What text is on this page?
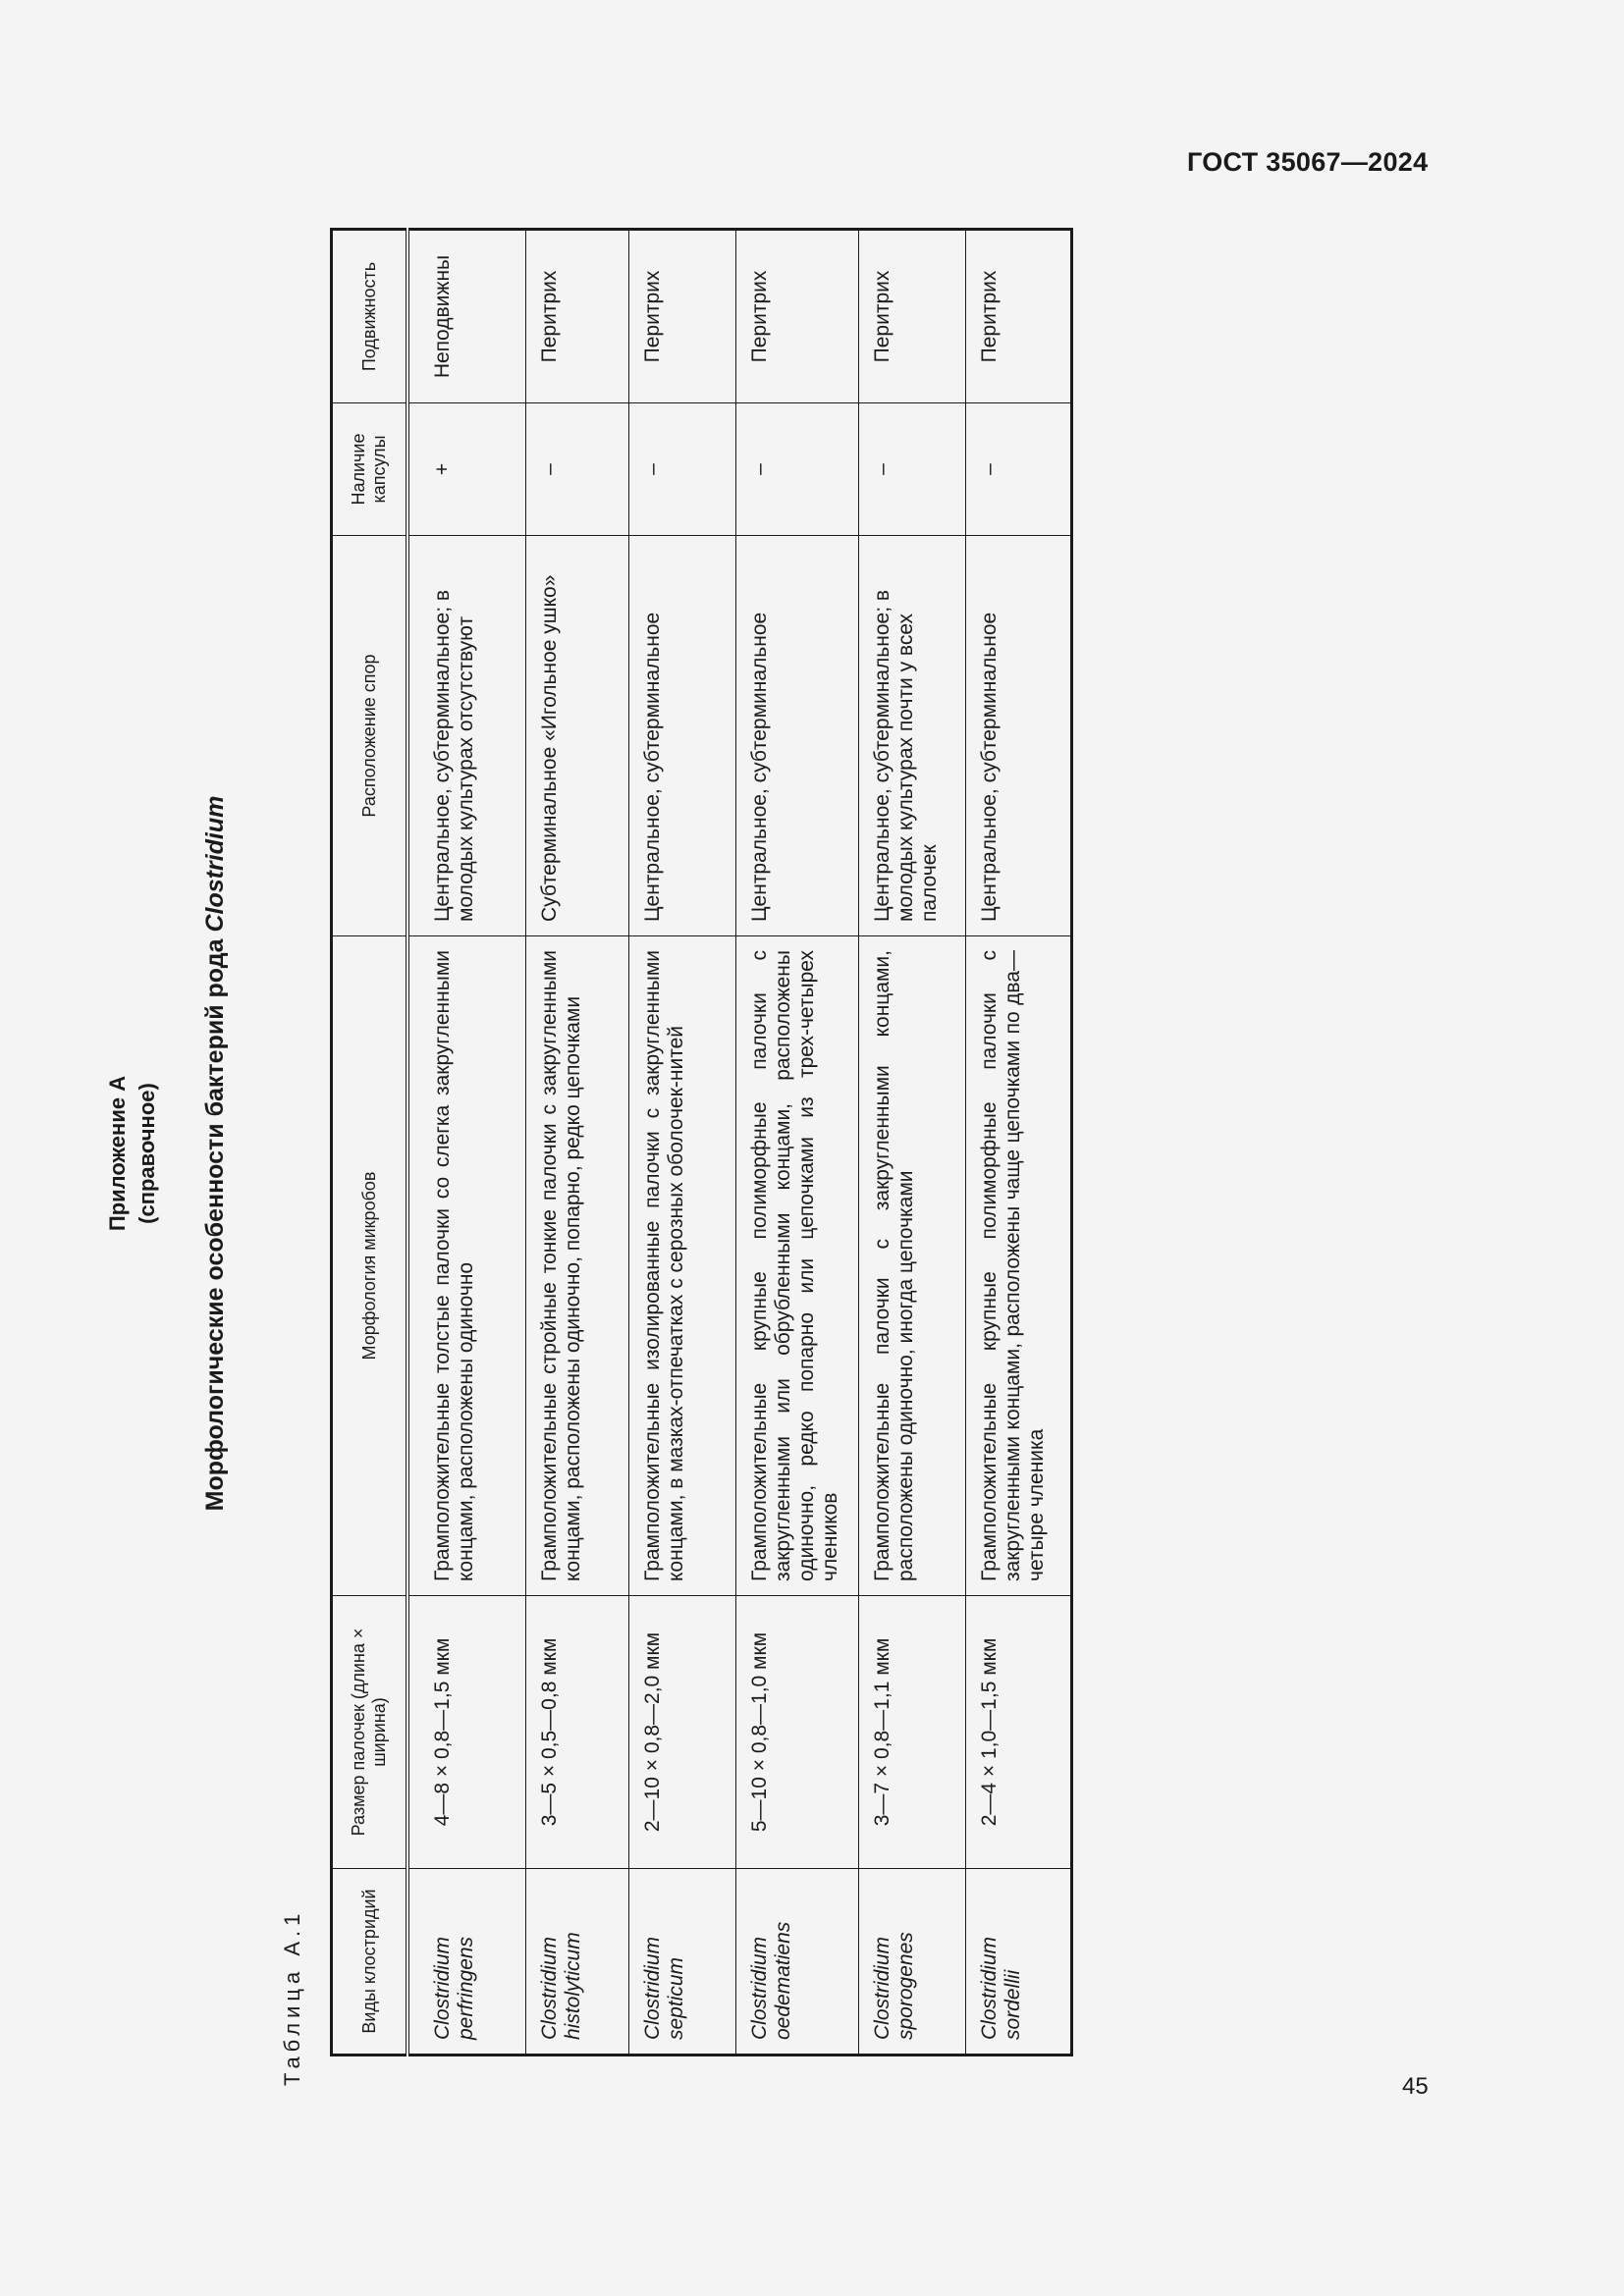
ГОСТ 35067—2024
Приложение А (справочное) Морфологические особенности бактерий рода Clostridium
Таблица А.1	Виды клостридий	Размер палочек (длина × ширина)	Морфология микробов	Расположение спор	Наличие капсулы	Подвижность
Clostridium perfringens	4—8 × 0,8—1,5 мкм	Грамположительные толстые палочки со слегка закругленными концами, расположены одиночно	Центральное, субтерминальное; в молодых культурах отсутствуют	+	Неподвижны
Clostridium histolyticum	3—5 × 0,5—0,8 мкм	Грамположительные стройные тонкие палочки с закругленными концами, расположены одиночно, попарно, редко цепочками	Субтерминальное «Игольное ушко»	–	Перитрих
Clostridium septicum	2—10 × 0,8—2,0 мкм	Грамположительные изолированные палочки с закругленными концами, в мазках-отпечатках с серозных оболочек-нитей	Центральное, субтерминальное	–	Перитрих
Clostridium oedematiens	5—10 × 0,8—1,0 мкм	Грамположительные крупные полиморфные палочки с закругленными или обрубленными концами, расположены одиночно, редко попарно или цепочками из трех-четырех члеников	Центральное, субтерминальное	–	Перитрих
Clostridium sporogenes	3—7 × 0,8—1,1 мкм	Грамположительные палочки с закругленными концами, расположены одиночно, иногда цепочками	Центральное, субтерминальное; в молодых культурах почти у всех палочек	–	Перитрих
Clostridium sordellii	2—4 × 1,0—1,5 мкм	Грамположительные крупные полиморфные палочки с закругленными концами, расположены чаще цепочками по два—четыре членика	Центральное, субтерминальное	–	Перитрих
45
